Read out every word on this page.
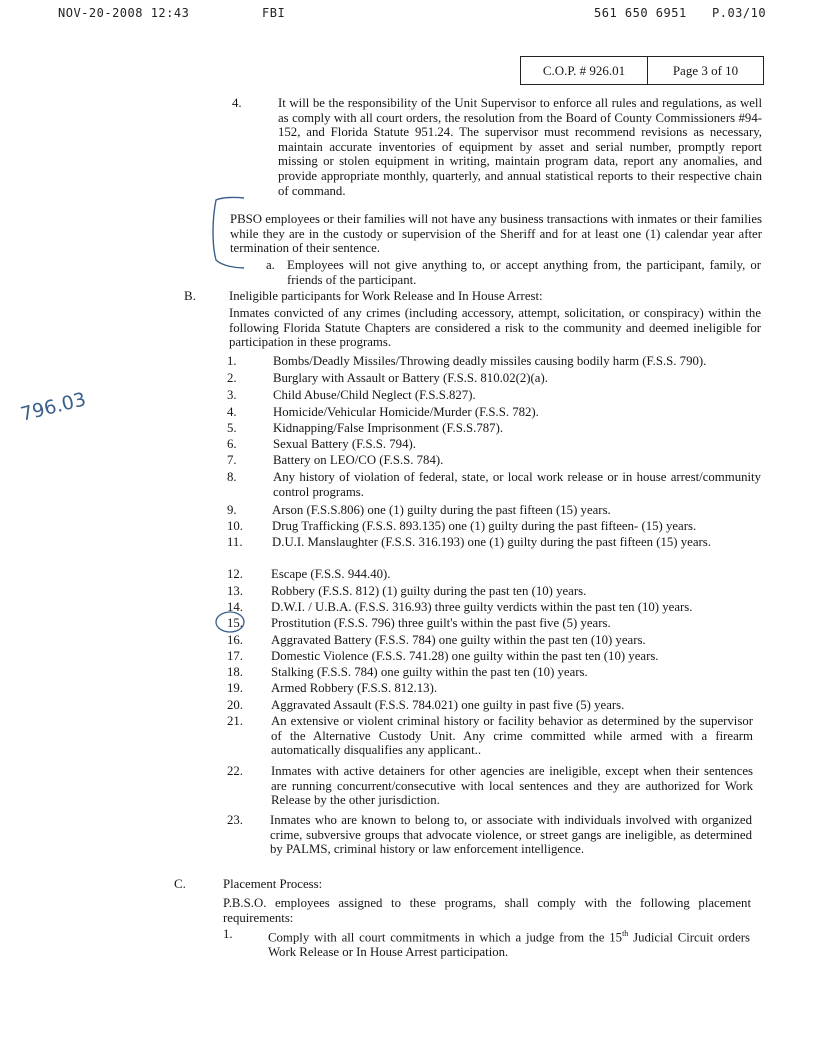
NOV-20-2008 12:43	FBI	561 650 6951 P.03/10
C.O.P. # 926.01	Page 3 of 10
4.	It will be the responsibility of the Unit Supervisor to enforce all rules and regulations, as well as comply with all court orders, the resolution from the Board of County Commissioners #94-152, and Florida Statute 951.24. The supervisor must recommend revisions as necessary, maintain accurate inventories of equipment by asset and serial number, promptly report missing or stolen equipment in writing, maintain program data, report any anomalies, and provide appropriate monthly, quarterly, and annual statistical reports to their respective chain of command.

PBSO employees or their families will not have any business transactions with inmates or their families while they are in the custody or supervision of the Sheriff and for at least one (1) calendar year after termination of their sentence.

a. Employees will not give anything to, or accept anything from, the participant, family, or friends of the participant.

B.	Ineligible participants for Work Release and In House Arrest:

Inmates convicted of any crimes (including accessory, attempt, solicitation, or conspiracy) within the following Florida Statute Chapters are considered a risk to the community and deemed ineligible for participation in these programs.

1.	Bombs/Deadly Missiles/Throwing deadly missiles causing bodily harm (F.S.S. 790).

2.	Burglary with Assault or Battery (F.S.S. 810.02(2)(a).

3.	Child Abuse/Child Neglect (F.S.S.827).

4.	Homicide/Vehicular Homicide/Murder (F.S.S. 782).

5.	Kidnapping/False Imprisonment (F.S.S.787).

6.	Sexual Battery (F.S.S. 794).

7.	Battery on LEO/CO (F.S.S. 784).

8.	Any history of violation of federal, state, or local work release or in house arrest/community control programs.

9.	Arson (F.S.S.806) one (1) guilty during the past fifteen (15) years.

10. Drug Trafficking (F.S.S. 893.135) one (1) guilty during the past fifteen- (15) years.

11. D.U.I. Manslaughter (F.S.S. 316.193) one (1) guilty during the past fifteen (15) years.

12. Escape (F.S.S. 944.40).

13. Robbery (F.S.S. 812) (1) guilty during the past ten (10) years.

14. D.W.I. / U.B.A. (F.S.S. 316.93) three guilty verdicts within the past ten (10) years.

15. Prostitution (F.S.S. 796) three guilt's within the past five (5) years.

16. Aggravated Battery (F.S.S. 784) one guilty within the past ten (10) years.

17. Domestic Violence (F.S.S. 741.28) one guilty within the past ten (10) years.

18. Stalking (F.S.S. 784) one guilty within the past ten (10) years.

19. Armed Robbery (F.S.S. 812.13).

20. Aggravated Assault (F.S.S. 784.021) one guilty in past five (5) years.

21. An extensive or violent criminal history or facility behavior as determined by the supervisor of the Alternative Custody Unit. Any crime committed while armed with a firearm automatically disqualifies any applicant..

22. Inmates with active detainers for other agencies are ineligible, except when their sentences are running concurrent/consecutive with local sentences and they are authorized for Work Release by the other jurisdiction.

23. Inmates who are known to belong to, or associate with individuals involved with organized crime, subversive groups that advocate violence, or street gangs are ineligible, as determined by PALMS, criminal history or law enforcement intelligence.

C.	Placement Process:

P.B.S.O. employees assigned to these programs, shall comply with the following placement requirements:

1.	Comply with all court commitments in which a judge from the 15th Judicial Circuit orders Work Release or In House Arrest participation.

796.03
